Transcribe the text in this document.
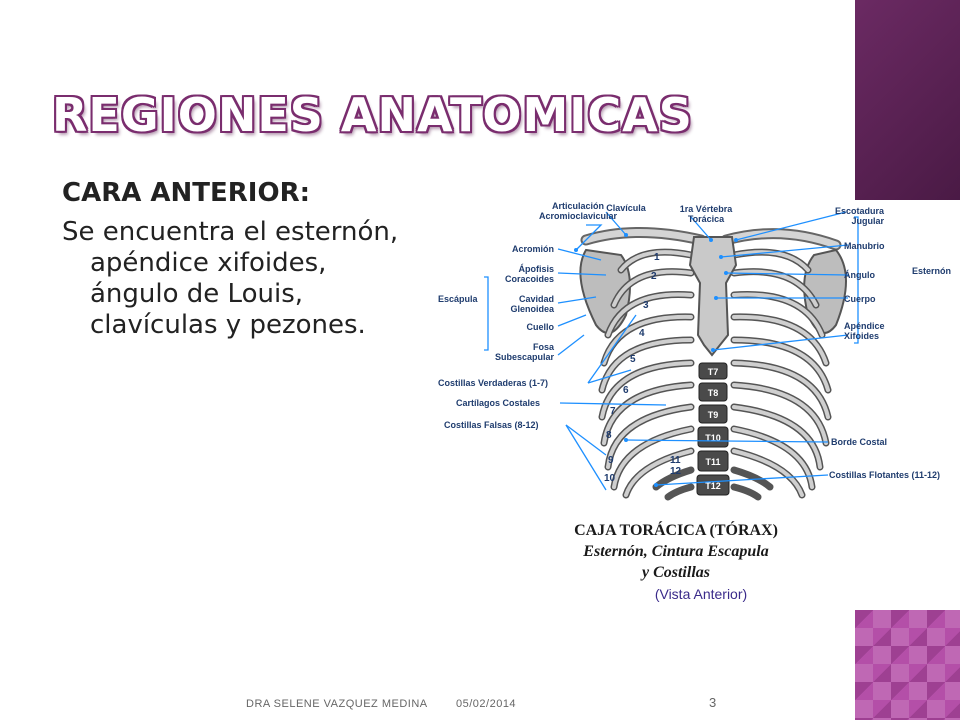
REGIONES ANATOMICAS
CARA ANTERIOR:
Se encuentra el esternón, apéndice xifoides, ángulo de Louis, clavículas y pezones.
T7
T8
T9
T10
T11
T12
1
2
3
4
5
6
7
8
9
10
11
12
Articulación
Acromioclavicular
Clavícula	1ra Vértebra
Torácica
Escotadura
Jugular
Acromión
Ápofisis
Coracoides
Escápula	Cavidad
Glenoidea
Cuello
Fosa
Subescapular
Manubrio
Ángulo
Cuerpo
Apéndice
Xifoides
Costillas Verdaderas (1-7)
Cartílagos Costales
Costillas Falsas (8-12)
Borde Costal
Costillas Flotantes (11-12)
CAJA TORÁCICA (TÓRAX)
Esternón, Cintura Escapula
y Costillas
(Vista Anterior)
Esternón
DRA SELENE VAZQUEZ MEDINA	05/02/2014	3
